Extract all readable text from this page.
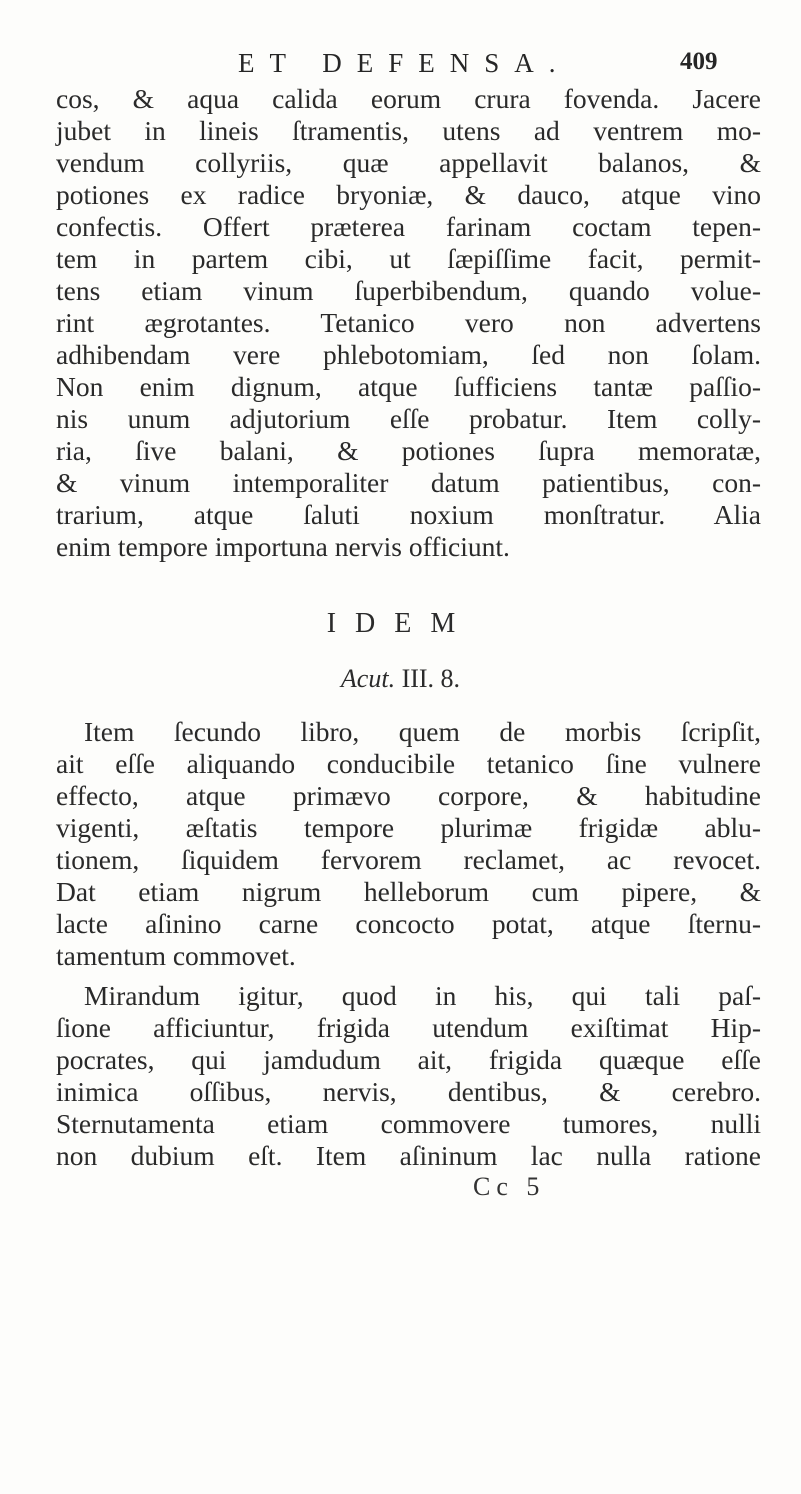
ET DEFENSA.	409
cos, & aqua calida eorum crura fovenda. Jacere
jubet in lineis ſtramentis, utens ad ventrem mo-
vendum collyriis, quæ appellavit balanos, &
potiones ex radice bryoniæ, & dauco, atque vino
confectis. Offert præterea farinam coctam tepen-
tem in partem cibi, ut ſæpiſſime facit, permit-
tens etiam vinum ſuperbibendum, quando volue-
rint ægrotantes. Tetanico vero non advertens
adhibendam vere phlebotomiam, ſed non ſolam.
Non enim dignum, atque ſufficiens tantæ paſſio-
nis unum adjutorium eſſe probatur. Item colly-
ria, ſive balani, & potiones ſupra memoratæ,
& vinum intemporaliter datum patientibus, con-
trarium, atque ſaluti noxium monſtratur. Alia
enim tempore importuna nervis officiunt.
IDEM
Acut. III. 8.
Item ſecundo libro, quem de morbis ſcripſit,
ait eſſe aliquando conducibile tetanico ſine vulnere
effecto, atque primævo corpore, & habitudine
vigenti, æſtatis tempore plurimæ frigidæ ablu-
tionem, ſiquidem fervorem reclamet, ac revocet.
Dat etiam nigrum helleborum cum pipere, &
lacte aſinino carne concocto potat, atque ſternu-
tamentum commovet.
Mirandum igitur, quod in his, qui tali paſ-
ſione afficiuntur, frigida utendum exiſtimat Hip-
pocrates, qui jamdudum ait, frigida quæque eſſe
inimica oſſibus, nervis, dentibus, & cerebro.
Sternutamenta etiam commovere tumores, nulli
non dubium eſt. Item aſininum lac nulla ratione
Cc 5
